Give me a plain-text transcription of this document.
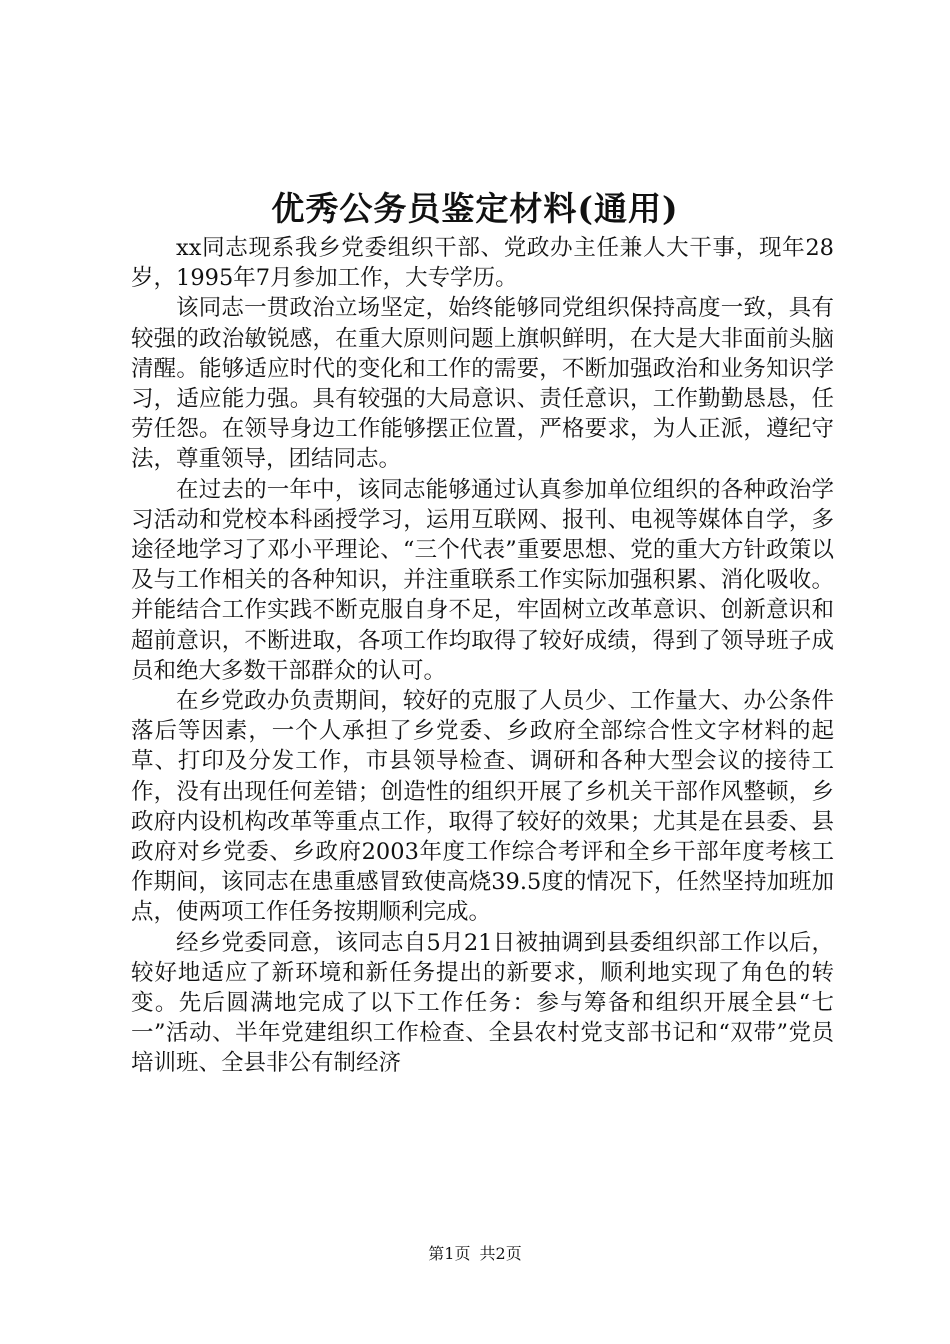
优秀公务员鉴定材料(通用)

xx同志现系我乡党委组织干部、党政办主任兼人大干事，现年28岁，1995年7月参加工作，大专学历。

该同志一贯政治立场坚定，始终能够同党组织保持高度一致，具有较强的政治敏锐感，在重大原则问题上旗帜鲜明，在大是大非面前头脑清醒。能够适应时代的变化和工作的需要，不断加强政治和业务知识学习，适应能力强。具有较强的大局意识、责任意识，工作勤勤恳恳，任劳任怨。在领导身边工作能够摆正位置，严格要求，为人正派，遵纪守法，尊重领导，团结同志。

在过去的一年中，该同志能够通过认真参加单位组织的各种政治学习活动和党校本科函授学习，运用互联网、报刊、电视等媒体自学，多途径地学习了邓小平理论、“三个代表”重要思想、党的重大方针政策以及与工作相关的各种知识，并注重联系工作实际加强积累、消化吸收。并能结合工作实践不断克服自身不足，牢固树立改革意识、创新意识和超前意识，不断进取，各项工作均取得了较好成绩，得到了领导班子成员和绝大多数干部群众的认可。

在乡党政办负责期间，较好的克服了人员少、工作量大、办公条件落后等因素，一个人承担了乡党委、乡政府全部综合性文字材料的起草、打印及分发工作，市县领导检查、调研和各种大型会议的接待工作，没有出现任何差错；创造性的组织开展了乡机关干部作风整顿，乡政府内设机构改革等重点工作，取得了较好的效果；尤其是在县委、县政府对乡党委、乡政府2003年度工作综合考评和全乡干部年度考核工作期间，该同志在患重感冒致使高烧39.5度的情况下，任然坚持加班加点，使两项工作任务按期顺利完成。

经乡党委同意，该同志自5月21日被抽调到县委组织部工作以后，较好地适应了新环境和新任务提出的新要求，顺利地实现了角色的转变。先后圆满地完成了以下工作任务：参与筹备和组织开展全县“七一”活动、半年党建组织工作检查、全县农村党支部书记和“双带”党员培训班、全县非公有制经济

第1页 共2页
